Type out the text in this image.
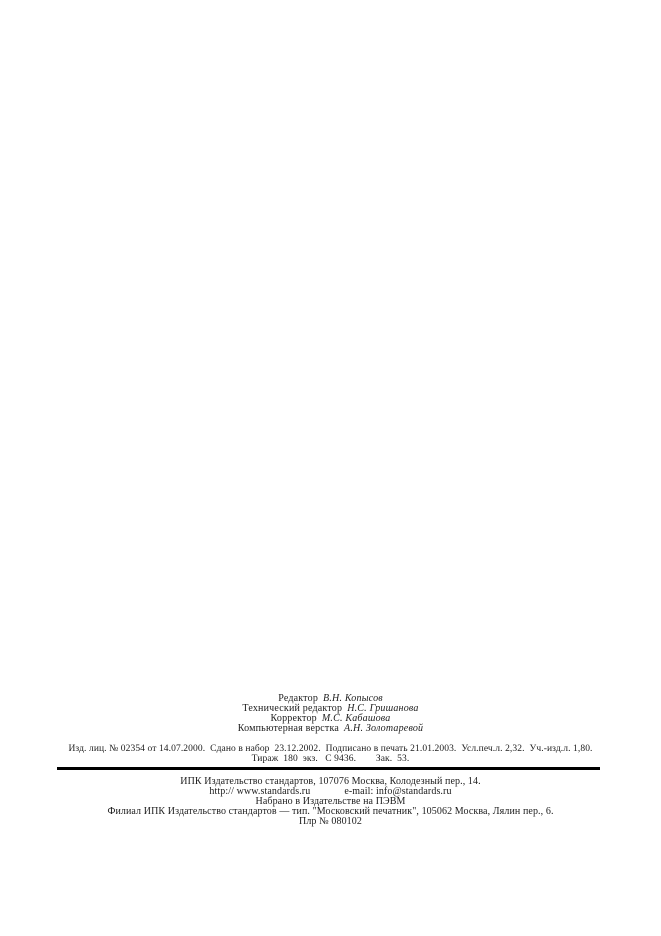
Редактор В.Н. Копысов
Технический редактор Н.С. Гришанова
Корректор М.С. Кабашова
Компьютерная верстка А.Н. Золотаревой
Изд. лиц. № 02354 от 14.07.2000.  Сдано в набор  23.12.2002.  Подписано в печать 21.01.2003.  Усл.печ.л. 2,32.  Уч.-изд.л. 1,80.
Тираж  180  экз.   С 9436.        Зак.  53.
ИПК Издательство стандартов, 107076 Москва, Колодезный пер., 14.
http:// www.standards.ru	e-mail: info@standards.ru
Набрано в Издательстве на ПЭВМ
Филиал ИПК Издательство стандартов — тип. "Московский печатник", 105062 Москва, Лялин пер., 6.
Плр № 080102
